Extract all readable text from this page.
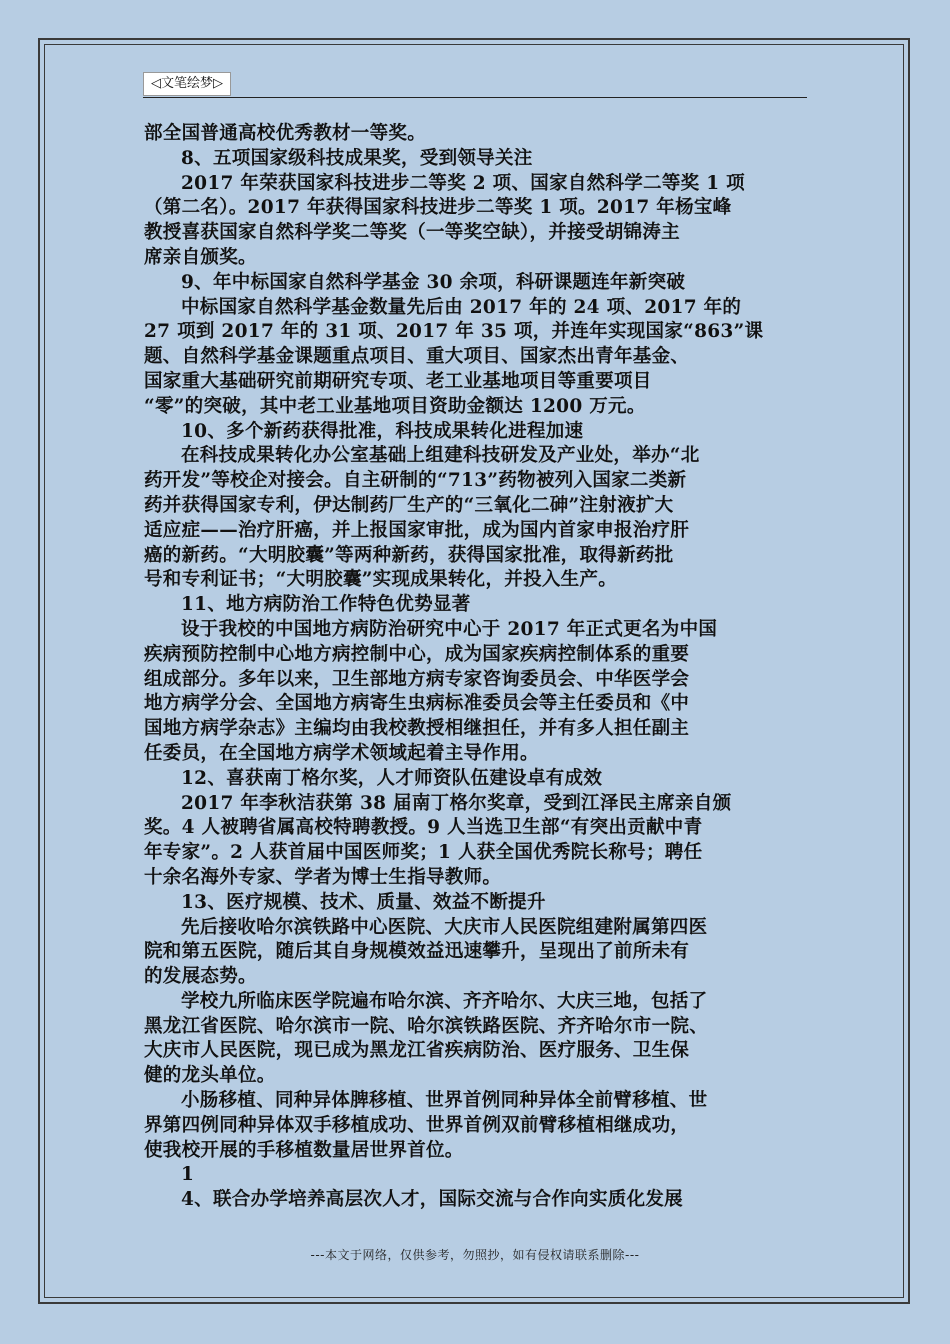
◁文笔绘梦▷

部全国普通高校优秀教材一等奖。

8、五项国家级科技成果奖，受到领导关注

2017 年荣获国家科技进步二等奖 2 项、国家自然科学二等奖 1 项

（第二名）。2017 年获得国家科技进步二等奖 1 项。2017 年杨宝峰

教授喜获国家自然科学奖二等奖（一等奖空缺），并接受胡锦涛主

席亲自颁奖。

9、年中标国家自然科学基金 30 余项，科研课题连年新突破

中标国家自然科学基金数量先后由 2017 年的 24 项、2017 年的

27 项到 2017 年的 31 项、2017 年 35 项，并连年实现国家“863”课

题、自然科学基金课题重点项目、重大项目、国家杰出青年基金、

国家重大基础研究前期研究专项、老工业基地项目等重要项目

“零”的突破，其中老工业基地项目资助金额达 1200 万元。

10、多个新药获得批准，科技成果转化进程加速

在科技成果转化办公室基础上组建科技研发及产业处，举办“北

药开发”等校企对接会。自主研制的“713”药物被列入国家二类新

药并获得国家专利，伊达制药厂生产的“三氧化二砷”注射液扩大

适应症——治疗肝癌，并上报国家审批，成为国内首家申报治疗肝

癌的新药。“大明胶囊”等两种新药，获得国家批准，取得新药批

号和专利证书；“大明胶囊”实现成果转化，并投入生产。

11、地方病防治工作特色优势显著

设于我校的中国地方病防治研究中心于 2017 年正式更名为中国

疾病预防控制中心地方病控制中心，成为国家疾病控制体系的重要

组成部分。多年以来，卫生部地方病专家咨询委员会、中华医学会

地方病学分会、全国地方病寄生虫病标准委员会等主任委员和《中

国地方病学杂志》主编均由我校教授相继担任，并有多人担任副主

任委员，在全国地方病学术领域起着主导作用。

12、喜获南丁格尔奖，人才师资队伍建设卓有成效

2017 年李秋洁获第 38 届南丁格尔奖章，受到江泽民主席亲自颁

奖。4 人被聘省属高校特聘教授。9 人当选卫生部“有突出贡献中青

年专家”。2 人获首届中国医师奖；1 人获全国优秀院长称号；聘任

十余名海外专家、学者为博士生指导教师。

13、医疗规模、技术、质量、效益不断提升

先后接收哈尔滨铁路中心医院、大庆市人民医院组建附属第四医

院和第五医院，随后其自身规模效益迅速攀升，呈现出了前所未有

的发展态势。

学校九所临床医学院遍布哈尔滨、齐齐哈尔、大庆三地，包括了

黑龙江省医院、哈尔滨市一院、哈尔滨铁路医院、齐齐哈尔市一院、

大庆市人民医院，现已成为黑龙江省疾病防治、医疗服务、卫生保

健的龙头单位。

小肠移植、同种异体脾移植、世界首例同种异体全前臂移植、世

界第四例同种异体双手移植成功、世界首例双前臂移植相继成功，

使我校开展的手移植数量居世界首位。

1

4、联合办学培养高层次人才，国际交流与合作向实质化发展

---本文于网络，仅供参考，勿照抄，如有侵权请联系删除---
